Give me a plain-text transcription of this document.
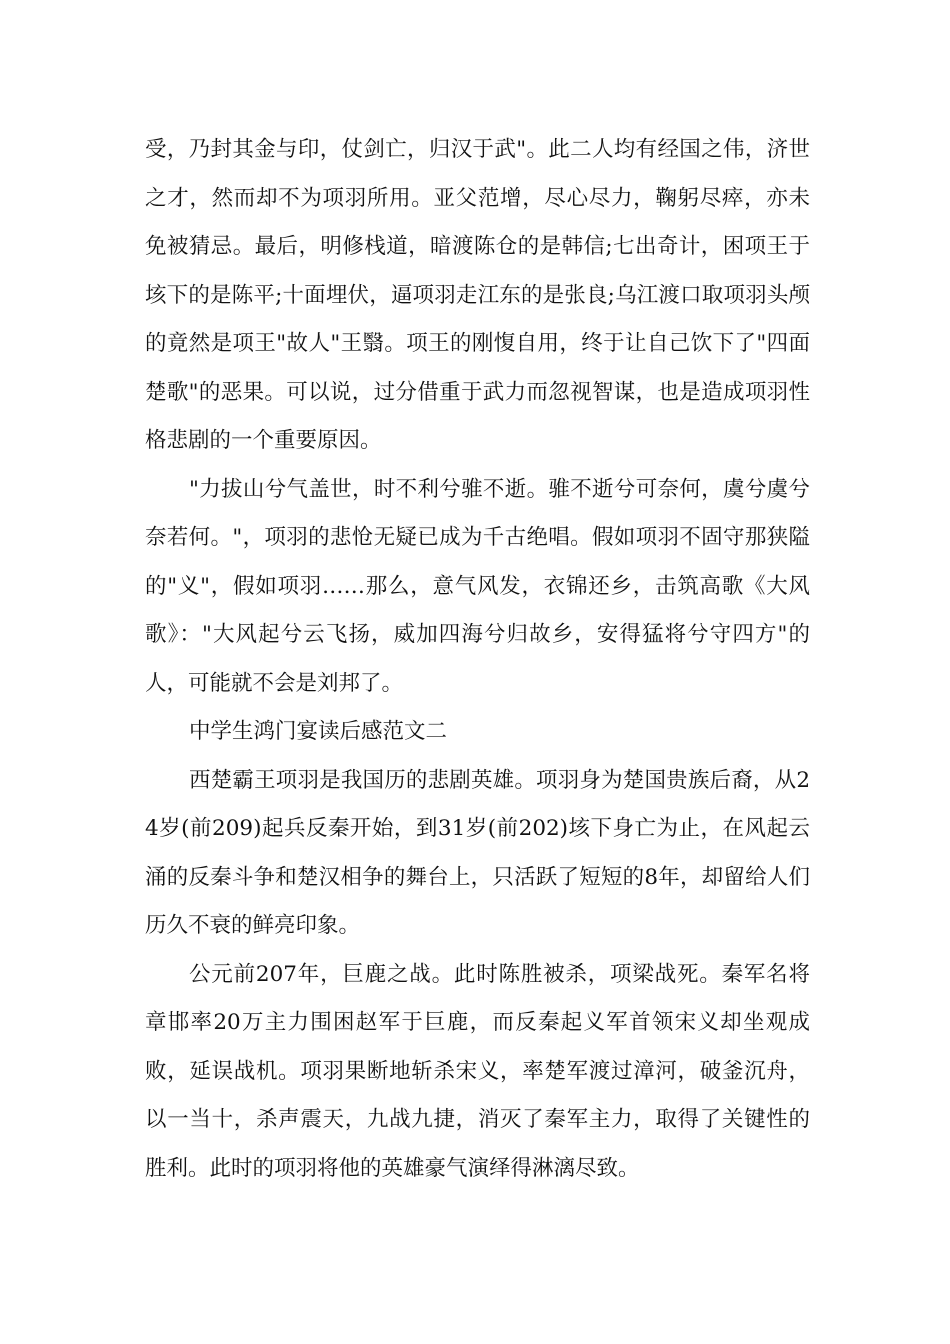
受，乃封其金与印，仗剑亡，归汉于武"。此二人均有经国之伟，济世之才，然而却不为项羽所用。亚父范增，尽心尽力，鞠躬尽瘁，亦未免被猜忌。最后，明修栈道，暗渡陈仓的是韩信;七出奇计，困项王于垓下的是陈平;十面埋伏，逼项羽走江东的是张良;乌江渡口取项羽头颅的竟然是项王"故人"王翳。项王的刚愎自用，终于让自己饮下了"四面楚歌"的恶果。可以说，过分借重于武力而忽视智谋，也是造成项羽性格悲剧的一个重要原因。

"力拔山兮气盖世，时不利兮骓不逝。骓不逝兮可奈何，虞兮虞兮奈若何。"，项羽的悲怆无疑已成为千古绝唱。假如项羽不固守那狭隘的"义"，假如项羽……那么，意气风发，衣锦还乡，击筑高歌《大风歌》："大风起兮云飞扬，威加四海兮归故乡，安得猛将兮守四方"的人，可能就不会是刘邦了。

中学生鸿门宴读后感范文二

西楚霸王项羽是我国历的悲剧英雄。项羽身为楚国贵族后裔，从24岁(前209)起兵反秦开始，到31岁(前202)垓下身亡为止，在风起云涌的反秦斗争和楚汉相争的舞台上，只活跃了短短的8年，却留给人们历久不衰的鲜亮印象。

公元前207年，巨鹿之战。此时陈胜被杀，项梁战死。秦军名将章邯率20万主力围困赵军于巨鹿，而反秦起义军首领宋义却坐观成败，延误战机。项羽果断地斩杀宋义，率楚军渡过漳河，破釜沉舟，以一当十，杀声震天，九战九捷，消灭了秦军主力，取得了关键性的胜利。此时的项羽将他的英雄豪气演绎得淋漓尽致。
